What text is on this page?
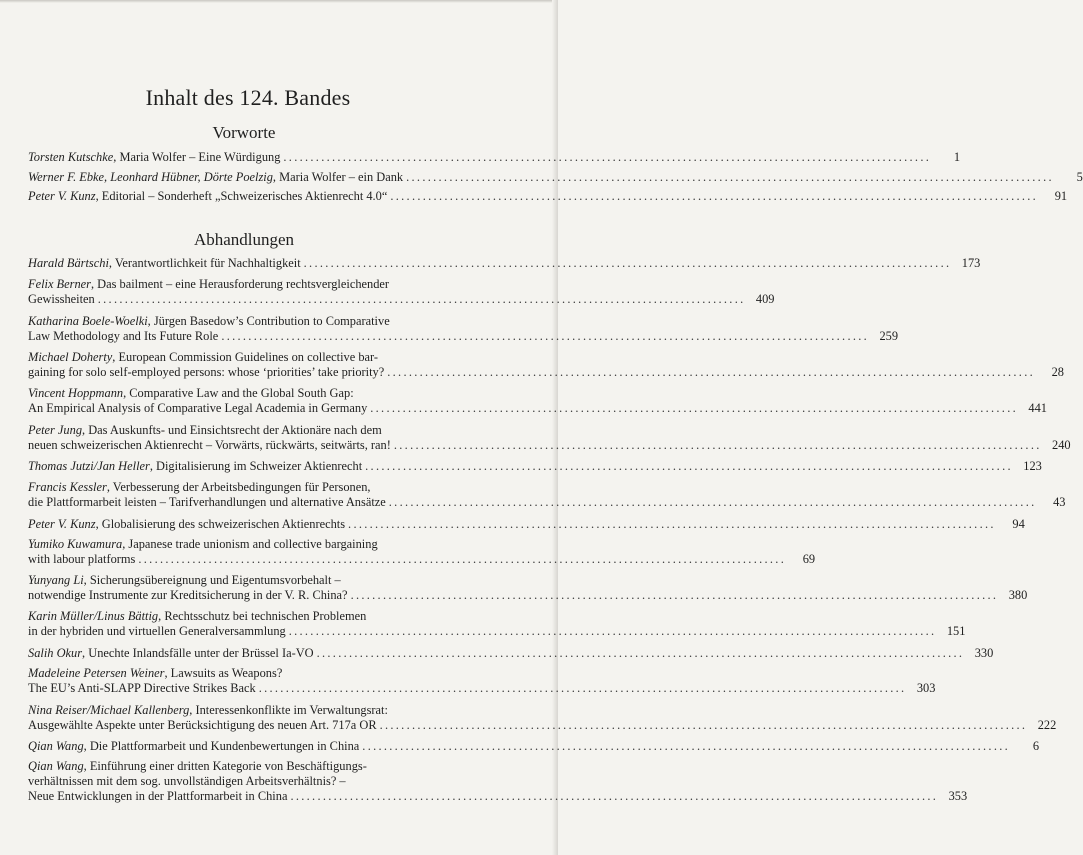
Inhalt des 124. Bandes
Vorworte
Torsten Kutschke, Maria Wolfer – Eine Würdigung ........................................................................................................................	1
Werner F. Ebke, Leonhard Hübner, Dörte Poelzig, Maria Wolfer – ein Dank ........................................................................................................................	5
Peter V. Kunz, Editorial – Sonderheft „Schweizerisches Aktienrecht 4.0“ ........................................................................................................................	91
Abhandlungen
Harald Bärtschi, Verantwortlichkeit für Nachhaltigkeit ........................................................................................................................ 173
Felix Berner, Das bailment – eine Herausforderung rechtsvergleichender
Gewissheiten ........................................................................................................................ 409
Katharina Boele-Woelki, Jürgen Basedow’s Contribution to Comparative
Law Methodology and Its Future Role ........................................................................................................................ 259
Michael Doherty, European Commission Guidelines on collective bar-
gaining for solo self-employed persons: whose ‘priorities’ take priority? ........................................................................................................................	28
Vincent Hoppmann, Comparative Law and the Global South Gap:
An Empirical Analysis of Comparative Legal Academia in Germany ........................................................................................................................ 441
Peter Jung, Das Auskunfts- und Einsichtsrecht der Aktionäre nach dem
neuen schweizerischen Aktienrecht – Vorwärts, rückwärts, seitwärts, ran! ........................................................................................................................ 240
Thomas Jutzi/Jan Heller, Digitalisierung im Schweizer Aktienrecht ........................................................................................................................ 123
Francis Kessler, Verbesserung der Arbeitsbedingungen für Personen,
die Plattformarbeit leisten – Tarifverhandlungen und alternative Ansätze ........................................................................................................................	43
Peter V. Kunz, Globalisierung des schweizerischen Aktienrechts ........................................................................................................................	94
Yumiko Kuwamura, Japanese trade unionism and collective bargaining
with labour platforms ........................................................................................................................	69
Yunyang Li, Sicherungsübereignung und Eigentumsvorbehalt –
notwendige Instrumente zur Kreditsicherung in der V. R. China? ........................................................................................................................ 380
Karin Müller/Linus Bättig, Rechtsschutz bei technischen Problemen
in der hybriden und virtuellen Generalversammlung ........................................................................................................................ 151
Salih Okur, Unechte Inlandsfälle unter der Brüssel Ia-VO ........................................................................................................................ 330
Madeleine Petersen Weiner, Lawsuits as Weapons?
The EU’s Anti-SLAPP Directive Strikes Back ........................................................................................................................ 303
Nina Reiser/Michael Kallenberg, Interessenkonflikte im Verwaltungsrat:
Ausgewählte Aspekte unter Berücksichtigung des neuen Art. 717a OR ........................................................................................................................ 222
Qian Wang, Die Plattformarbeit und Kundenbewertungen in China ........................................................................................................................	6
Qian Wang, Einführung einer dritten Kategorie von Beschäftigungs-
verhältnissen mit dem sog. unvollständigen Arbeitsverhältnis? –
Neue Entwicklungen in der Plattformarbeit in China ........................................................................................................................ 353
